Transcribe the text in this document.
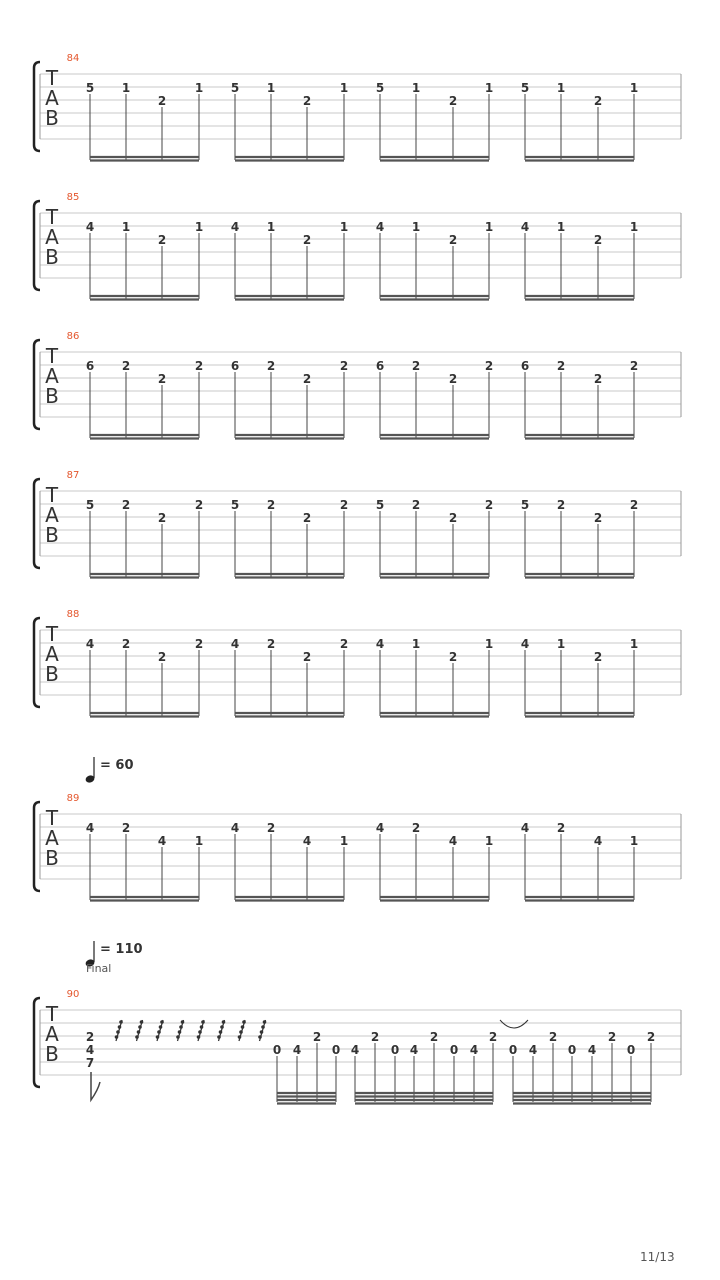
T
A
B
84
5 1
2
1 5 1
2
1 5 1
2
1 5 1
2
1
T
A
B
85
4 1
2
1 4 1
2
1 4 1
2
1 4 1
2
1
T
A
B
86
6 2
2
2 6 2
2
2 6 2
2
2 6 2
2
2
T
A
B
87
5 2
2
2 5 2
2
2 5 2
2
2 5 2
2
2
T
A
B
88
4 2
2
2 4 2
2
2 4 1
2
1 4 1
2
1
T
A
B
89
4 2
4 1
4 2
4 1
4 2
4 1
4 2
4 1
T
A
B
90
2
4
7
0 4
2
0 4
2
0 4
2
0 4
2
0 4
2
0 4
2
0
2
= 60
= 110
Final
11/13
